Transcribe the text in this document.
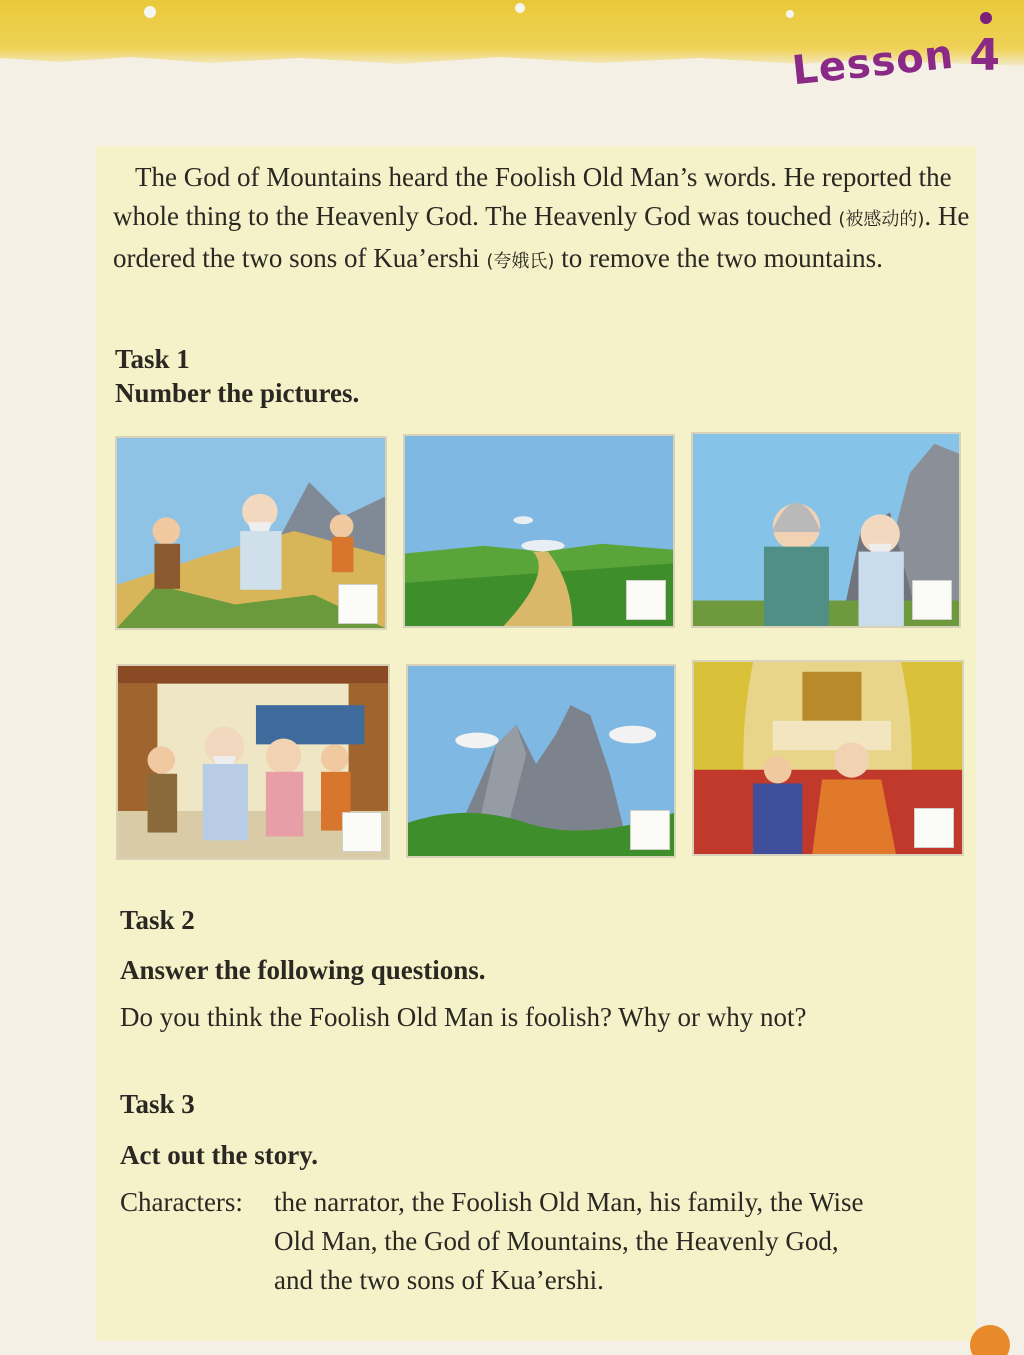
Lesson 4

The God of Mountains heard the Foolish Old Man’s words. He reported the whole thing to the Heavenly God. The Heavenly God was touched (被感动的). He ordered the two sons of Kua’ershi (夸娥氏) to remove the two mountains.

Task 1
Number the pictures.
Task 2
Answer the following questions.
Do you think the Foolish Old Man is foolish? Why or why not?
Task 3
Act out the story.
Characters: the narrator, the Foolish Old Man, his family, the Wise
Old Man, the God of Mountains, the Heavenly God,
and the two sons of Kua’ershi.
